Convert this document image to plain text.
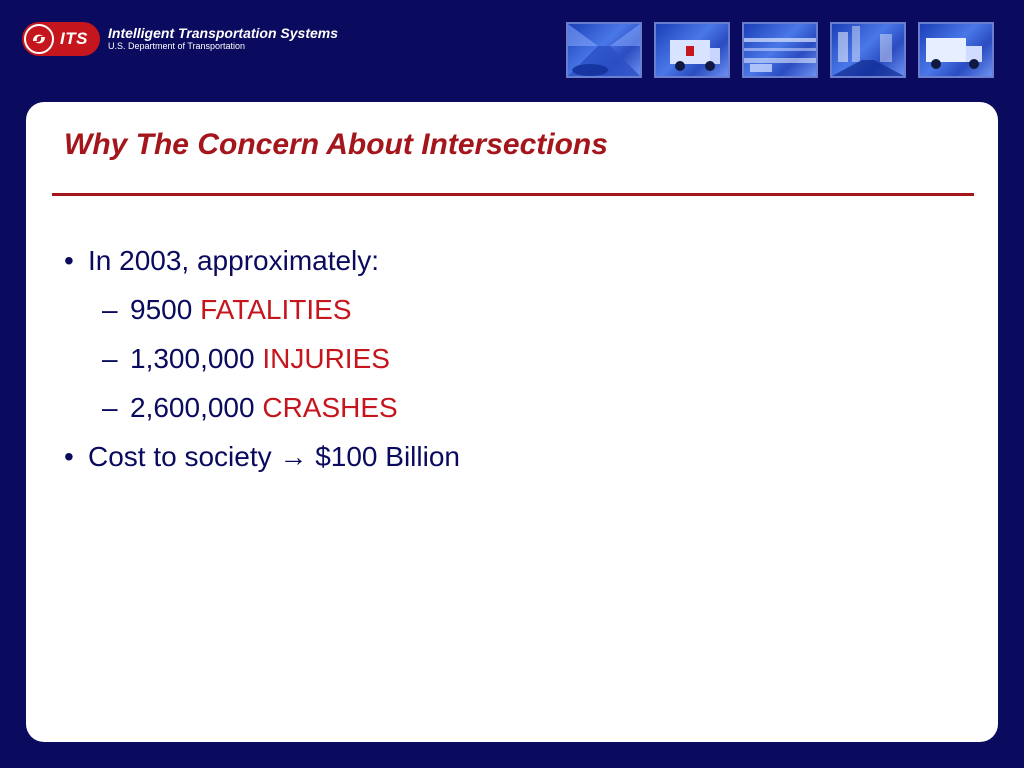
ITS Intelligent Transportation Systems
U.S. Department of Transportation
Why The Concern About Intersections
• In 2003, approximately:
– 9500 FATALITIES
– 1,300,000 INJURIES
– 2,600,000 CRASHES
• Cost to society → $100 Billion
